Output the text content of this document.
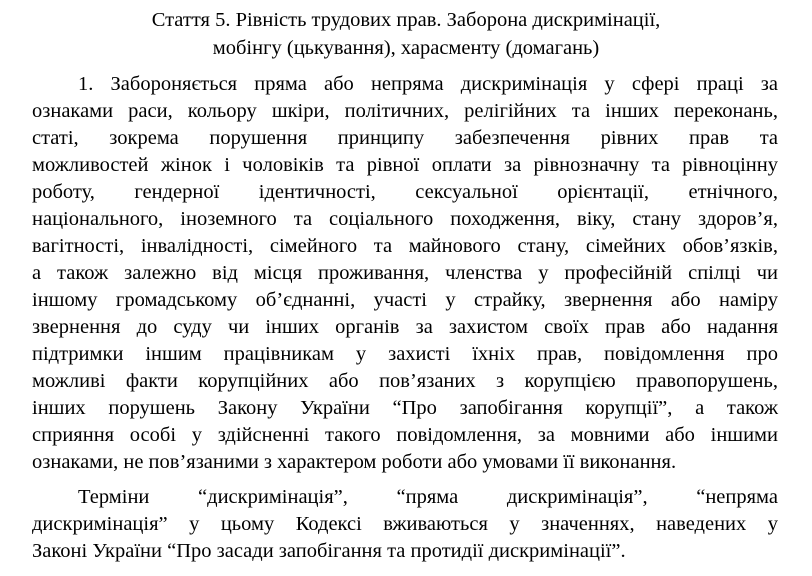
Стаття 5. Рівність трудових прав. Заборона дискримінації,
мобінгу (цькування), харасменту (домагань)
1. Забороняється пряма або непряма дискримінація у сфері праці за
ознаками раси, кольору шкіри, політичних, релігійних та інших переконань,
статі, зокрема порушення принципу забезпечення рівних прав та
можливостей жінок і чоловіків та рівної оплати за рівнозначну та рівноцінну
роботу, гендерної ідентичності, сексуальної орієнтації, етнічного,
національного, іноземного та соціального походження, віку, стану здоров’я,
вагітності, інвалідності, сімейного та майнового стану, сімейних обов’язків,
а також залежно від місця проживання, членства у професійній спілці чи
іншому громадському об’єднанні, участі у страйку, звернення або наміру
звернення до суду чи інших органів за захистом своїх прав або надання
підтримки іншим працівникам у захисті їхніх прав, повідомлення про
можливі факти корупційних або пов’язаних з корупцією правопорушень,
інших порушень Закону України “Про запобігання корупції”, а також
сприяння особі у здійсненні такого повідомлення, за мовними або іншими
ознаками, не пов’язаними з характером роботи або умовами її виконання.
Терміни “дискримінація”, “пряма дискримінація”, “непряма
дискримінація” у цьому Кодексі вживаються у значеннях, наведених у
Законі України “Про засади запобігання та протидії дискримінації”.
